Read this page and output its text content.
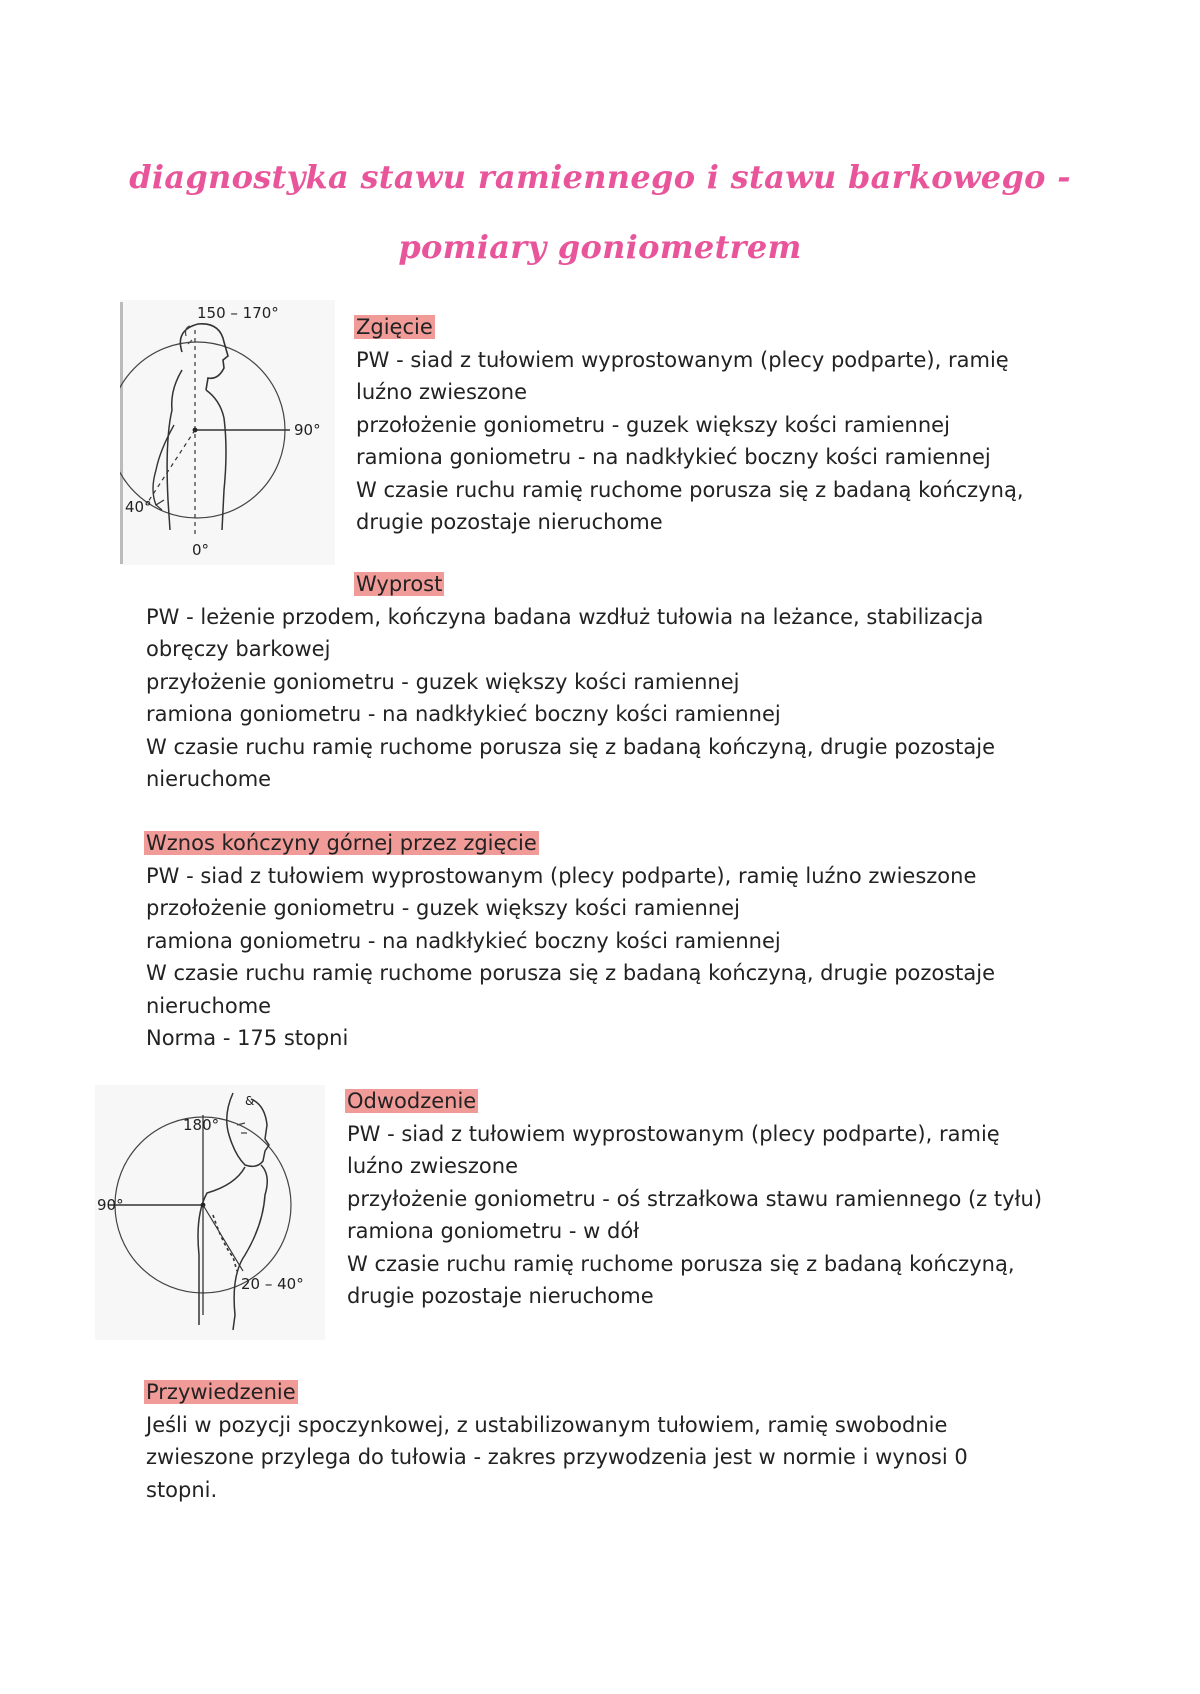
diagnostyka stawu ramiennego i stawu barkowego -
pomiary goniometrem
150 – 170°
90°
40°
0°
Zgięcie
PW - siad z tułowiem wyprostowanym (plecy podparte), ramię
luźno zwieszone
przołożenie goniometru - guzek większy kości ramiennej
ramiona goniometru - na nadkłykieć boczny kości ramiennej
W czasie ruchu ramię ruchome porusza się z badaną kończyną,
drugie pozostaje nieruchome
Wyprost
PW - leżenie przodem, kończyna badana wzdłuż tułowia na leżance, stabilizacja
obręczy barkowej
przyłożenie goniometru - guzek większy kości ramiennej
ramiona goniometru - na nadkłykieć boczny kości ramiennej
W czasie ruchu ramię ruchome porusza się z badaną kończyną, drugie pozostaje
nieruchome
Wznos kończyny górnej przez zgięcie
PW - siad z tułowiem wyprostowanym (plecy podparte), ramię luźno zwieszone
przołożenie goniometru - guzek większy kości ramiennej
ramiona goniometru - na nadkłykieć boczny kości ramiennej
W czasie ruchu ramię ruchome porusza się z badaną kończyną, drugie pozostaje
nieruchome
Norma - 175 stopni
&
180°
90°
20 – 40°
Odwodzenie
PW - siad z tułowiem wyprostowanym (plecy podparte), ramię
luźno zwieszone
przyłożenie goniometru - oś strzałkowa stawu ramiennego (z tyłu)
ramiona goniometru - w dół
W czasie ruchu ramię ruchome porusza się z badaną kończyną,
drugie pozostaje nieruchome
Przywiedzenie
Jeśli w pozycji spoczynkowej, z ustabilizowanym tułowiem, ramię swobodnie
zwieszone przylega do tułowia - zakres przywodzenia jest w normie i wynosi 0
stopni.
